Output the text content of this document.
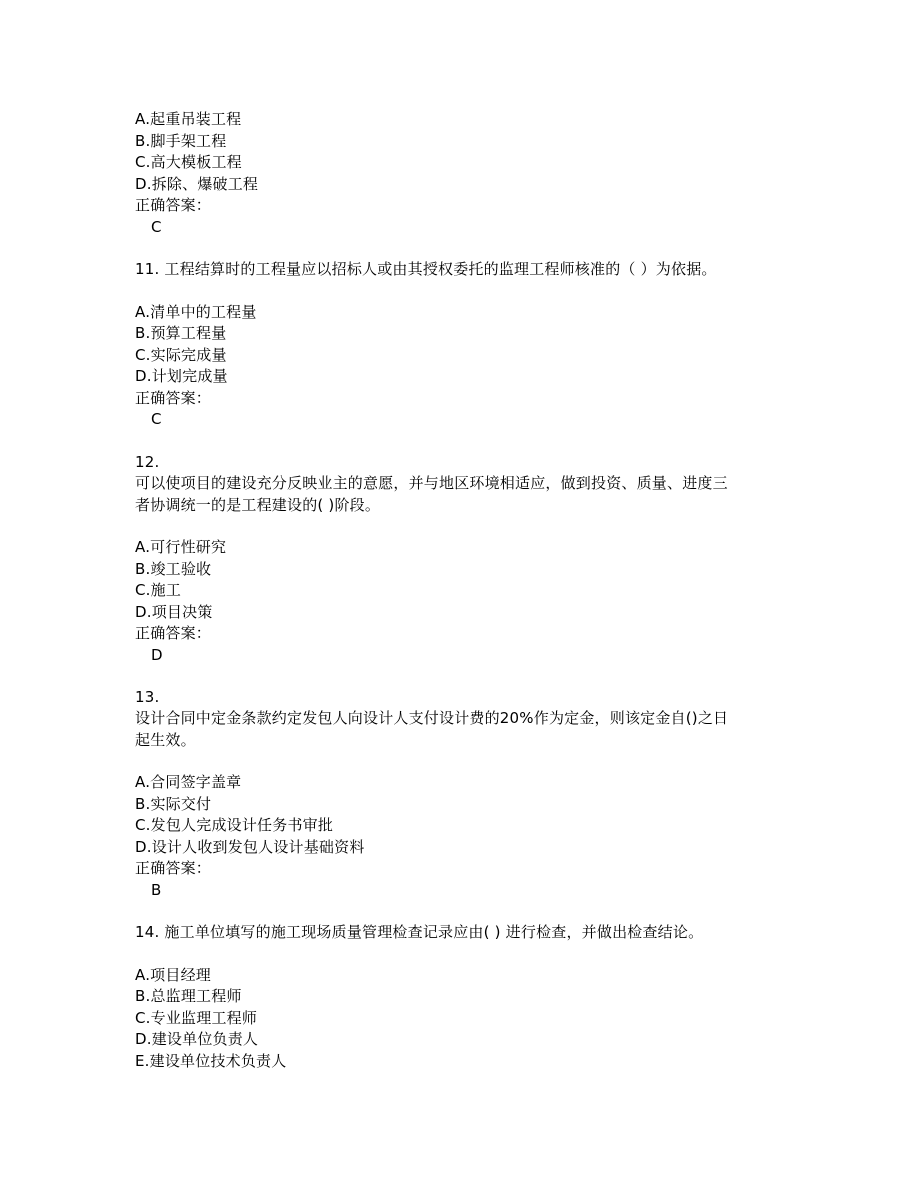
A.起重吊装工程
B.脚手架工程
C.高大模板工程
D.拆除、爆破工程
正确答案：
C
11. 工程结算时的工程量应以招标人或由其授权委托的监理工程师核准的（ ）为依据。
A.清单中的工程量
B.预算工程量
C.实际完成量
D.计划完成量
正确答案：
C
12.
可以使项目的建设充分反映业主的意愿，并与地区环境相适应，做到投资、质量、进度三
者协调统一的是工程建设的( )阶段。
A.可行性研究
B.竣工验收
C.施工
D.项目决策
正确答案：
D
13.
设计合同中定金条款约定发包人向设计人支付设计费的20%作为定金，则该定金自()之日
起生效。
A.合同签字盖章
B.实际交付
C.发包人完成设计任务书审批
D.设计人收到发包人设计基础资料
正确答案：
B
14. 施工单位填写的施工现场质量管理检查记录应由( ) 进行检查，并做出检查结论。
A.项目经理
B.总监理工程师
C.专业监理工程师
D.建设单位负责人
E.建设单位技术负责人
